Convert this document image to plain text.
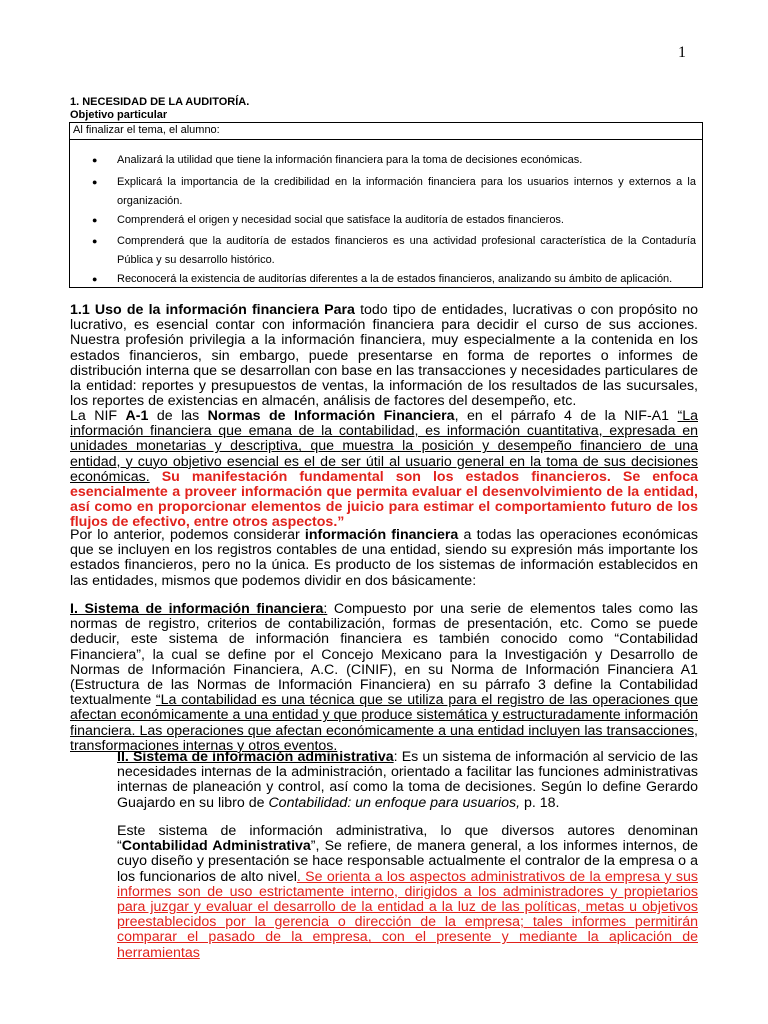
1
1. NECESIDAD DE LA AUDITORÍA.
Objetivo particular
Al finalizar el tema, el alumno:
● Analizará la utilidad que tiene la información financiera para la toma de decisiones económicas.
● Explicará la importancia de la credibilidad en la información financiera para los usuarios internos y externos a la organización.
● Comprenderá el origen y necesidad social que satisface la auditoría de estados financieros.
● Comprenderá que la auditoría de estados financieros es una actividad profesional característica de la Contaduría Pública y su desarrollo histórico.
● Reconocerá la existencia de auditorías diferentes a la de estados financieros, analizando su ámbito de aplicación.

1.1 Uso de la información financiera Para todo tipo de entidades, lucrativas o con propósito no lucrativo, es esencial contar con información financiera para decidir el curso de sus acciones. Nuestra profesión privilegia a la información financiera, muy especialmente a la contenida en los estados financieros, sin embargo, puede presentarse en forma de reportes o informes de distribución interna que se desarrollan con base en las transacciones y necesidades particulares de la entidad: reportes y presupuestos de ventas, la información de los resultados de las sucursales, los reportes de existencias en almacén, análisis de factores del desempeño, etc.

La NIF A-1 de las Normas de Información Financiera, en el párrafo 4 de la NIF-A1 “La información financiera que emana de la contabilidad, es información cuantitativa, expresada en unidades monetarias y descriptiva, que muestra la posición y desempeño financiero de una entidad, y cuyo objetivo esencial es el de ser útil al usuario general en la toma de sus decisiones económicas. Su manifestación fundamental son los estados financieros. Se enfoca esencialmente a proveer información que permita evaluar el desenvolvimiento de la entidad, así como en proporcionar elementos de juicio para estimar el comportamiento futuro de los flujos de efectivo, entre otros aspectos.”

Por lo anterior, podemos considerar información financiera a todas las operaciones económicas que se incluyen en los registros contables de una entidad, siendo su expresión más importante los estados financieros, pero no la única. Es producto de los sistemas de información establecidos en las entidades, mismos que podemos dividir en dos básicamente:

I. Sistema de información financiera: Compuesto por una serie de elementos tales como las normas de registro, criterios de contabilización, formas de presentación, etc. Como se puede deducir, este sistema de información financiera es también conocido como “Contabilidad Financiera”, la cual se define por el Concejo Mexicano para la Investigación y Desarrollo de Normas de Información Financiera, A.C. (CINIF), en su Norma de Información Financiera A1 (Estructura de las Normas de Información Financiera) en su párrafo 3 define la Contabilidad textualmente “La contabilidad es una técnica que se utiliza para el registro de las operaciones que afectan económicamente a una entidad y que produce sistemática y estructuradamente información financiera. Las operaciones que afectan económicamente a una entidad incluyen las transacciones, transformaciones internas y otros eventos.

II. Sistema de información administrativa: Es un sistema de información al servicio de las necesidades internas de la administración, orientado a facilitar las funciones administrativas internas de planeación y control, así como la toma de decisiones. Según lo define Gerardo Guajardo en su libro de Contabilidad: un enfoque para usuarios, p. 18.

Este sistema de información administrativa, lo que diversos autores denominan “Contabilidad Administrativa”, Se refiere, de manera general, a los informes internos, de cuyo diseño y presentación se hace responsable actualmente el contralor de la empresa o a los funcionarios de alto nivel. Se orienta a los aspectos administrativos de la empresa y sus informes son de uso estrictamente interno, dirigidos a los administradores y propietarios para juzgar y evaluar el desarrollo de la entidad a la luz de las políticas, metas u objetivos preestablecidos por la gerencia o dirección de la empresa; tales informes permitirán comparar el pasado de la empresa, con el presente y mediante la aplicación de herramientas
